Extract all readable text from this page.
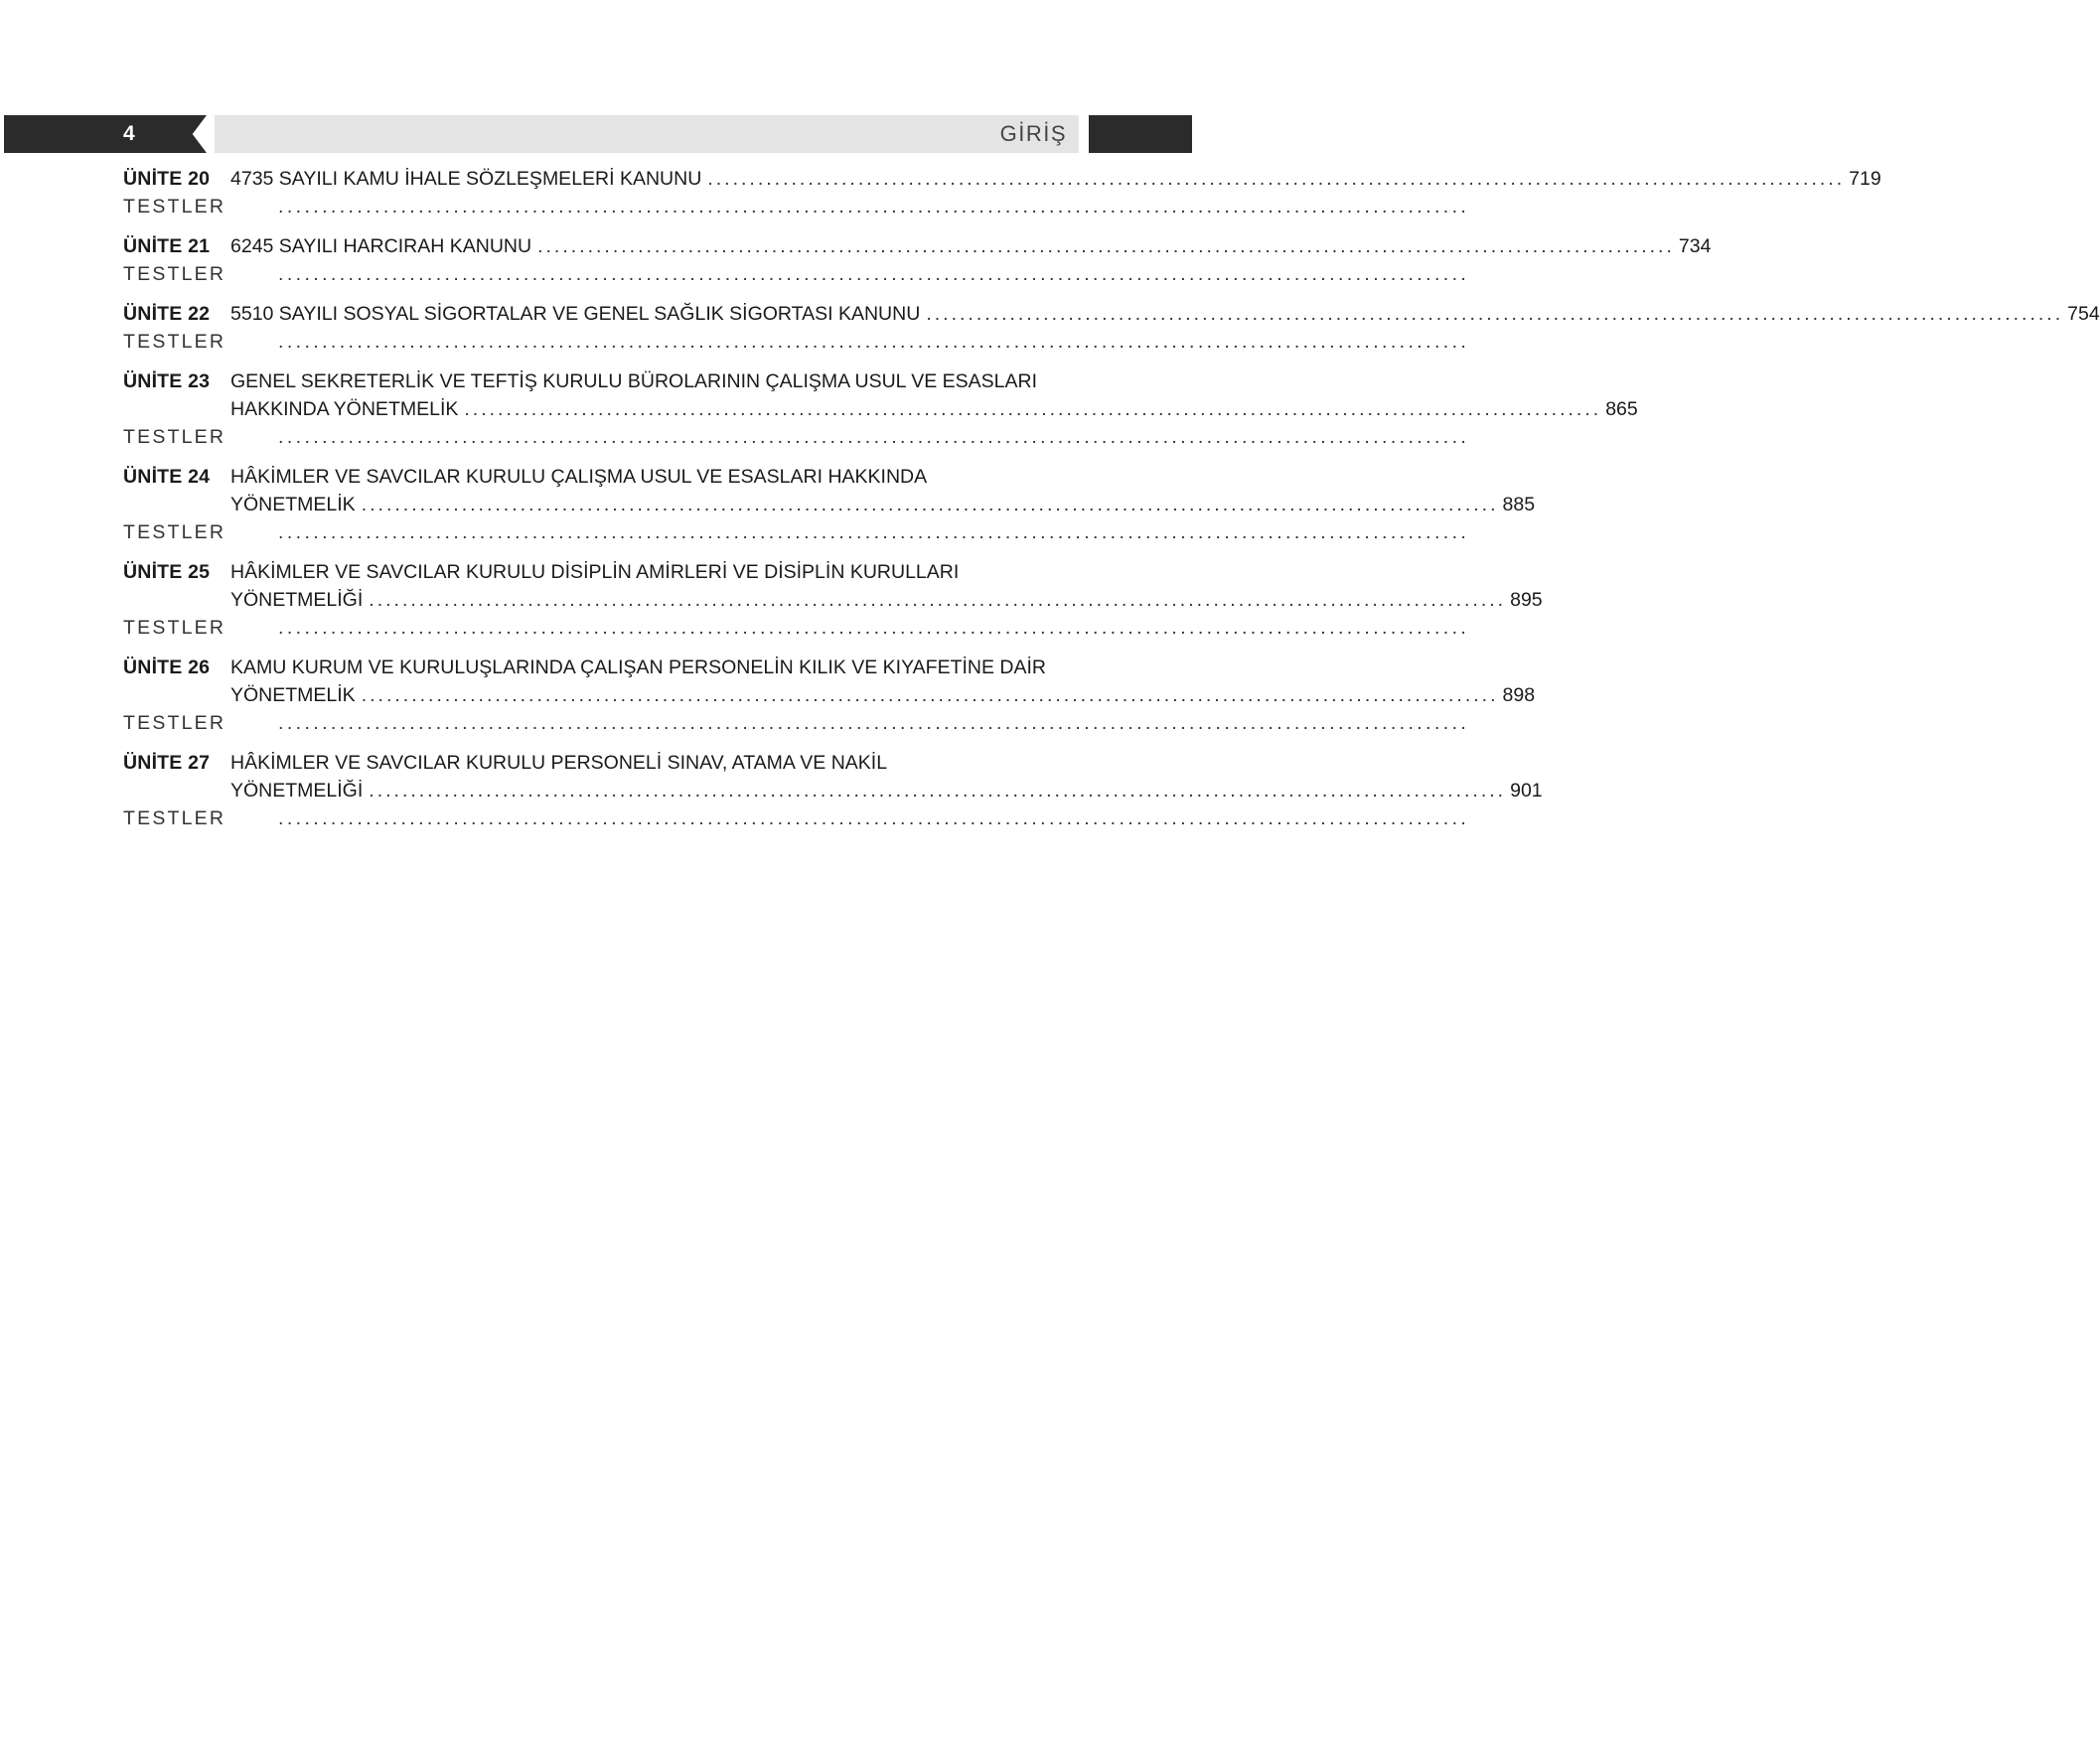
4	GİRİŞ
ÜNİTE 20	4735 SAYILI KAMU İHALE SÖZLEŞMELERİ KANUNU ........................................................................................................................................ 719
TESTLER	........................................................................................................................................
ÜNİTE 21	6245 SAYILI HARCIRAH KANUNU ........................................................................................................................................ 734
TESTLER	........................................................................................................................................
ÜNİTE 22	5510 SAYILI SOSYAL SİGORTALAR VE GENEL SAĞLIK SİGORTASI KANUNU ........................................................................................................................................ 754
TESTLER	........................................................................................................................................
ÜNİTE 23	GENEL SEKRETERLİK VE TEFTİŞ KURULU BÜROLARININ ÇALIŞMA USUL VE ESASLARI
HAKKINDA YÖNETMELİK ........................................................................................................................................ 865
TESTLER	........................................................................................................................................
ÜNİTE 24	HÂKİMLER VE SAVCILAR KURULU ÇALIŞMA USUL VE ESASLARI HAKKINDA
YÖNETMELİK ........................................................................................................................................ 885
TESTLER	........................................................................................................................................
ÜNİTE 25	HÂKİMLER VE SAVCILAR KURULU DİSİPLİN AMİRLERİ VE DİSİPLİN KURULLARI
YÖNETMELİĞİ ........................................................................................................................................ 895
TESTLER	........................................................................................................................................
ÜNİTE 26	KAMU KURUM VE KURULUŞLARINDA ÇALIŞAN PERSONELİN KILIK VE KIYAFETİNE DAİR
YÖNETMELİK ........................................................................................................................................ 898
TESTLER	........................................................................................................................................
ÜNİTE 27	HÂKİMLER VE SAVCILAR KURULU PERSONELİ SINAV, ATAMA VE NAKİL
YÖNETMELİĞİ ........................................................................................................................................ 901
TESTLER	........................................................................................................................................
